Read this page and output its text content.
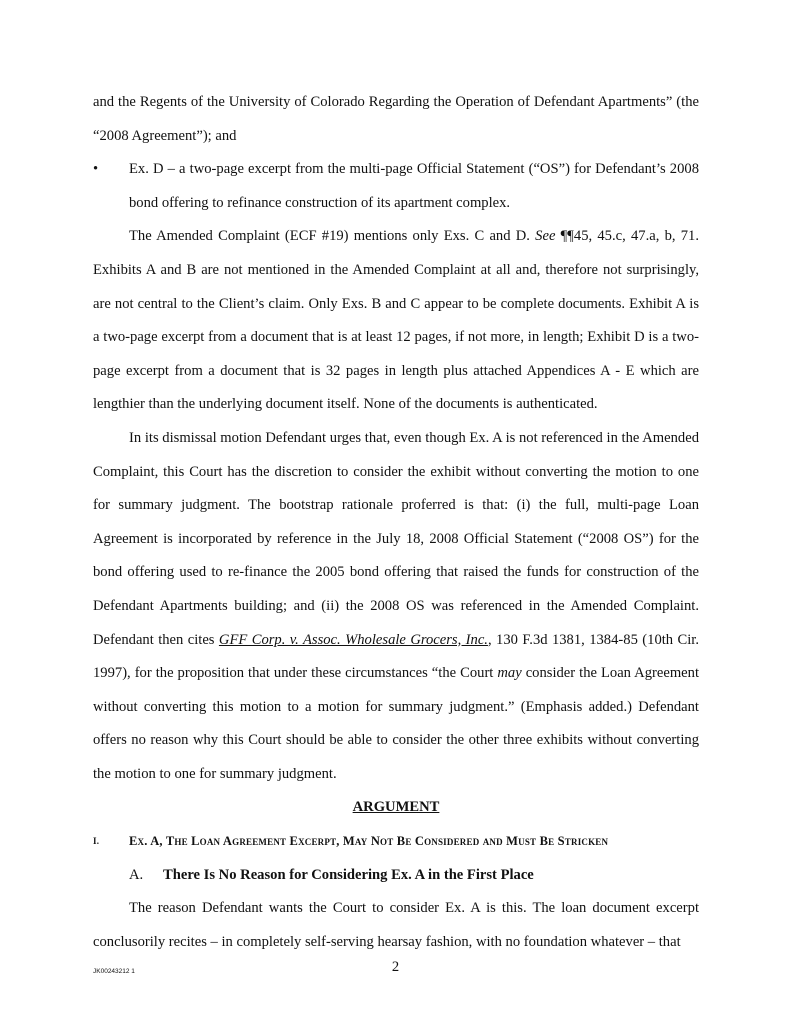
and the Regents of the University of Colorado Regarding the Operation of Defendant Apartments” (the “2008 Agreement”); and

•	Ex. D – a two-page excerpt from the multi-page Official Statement (“OS”) for Defendant’s 2008 bond offering to refinance construction of its apartment complex.

The Amended Complaint (ECF #19) mentions only Exs. C and D. See ¶¶45, 45.c, 47.a, b, 71. Exhibits A and B are not mentioned in the Amended Complaint at all and, therefore not surprisingly, are not central to the Client’s claim. Only Exs. B and C appear to be complete documents. Exhibit A is a two-page excerpt from a document that is at least 12 pages, if not more, in length; Exhibit D is a two-page excerpt from a document that is 32 pages in length plus attached Appendices A - E which are lengthier than the underlying document itself. None of the documents is authenticated.

In its dismissal motion Defendant urges that, even though Ex. A is not referenced in the Amended Complaint, this Court has the discretion to consider the exhibit without converting the motion to one for summary judgment. The bootstrap rationale proferred is that: (i) the full, multi-page Loan Agreement is incorporated by reference in the July 18, 2008 Official Statement (“2008 OS”) for the bond offering used to re-finance the 2005 bond offering that raised the funds for construction of the Defendant Apartments building; and (ii) the 2008 OS was referenced in the Amended Complaint. Defendant then cites GFF Corp. v. Assoc. Wholesale Grocers, Inc., 130 F.3d 1381, 1384-85 (10th Cir. 1997), for the proposition that under these circumstances “the Court may consider the Loan Agreement without converting this motion to a motion for summary judgment.” (Emphasis added.) Defendant offers no reason why this Court should be able to consider the other three exhibits without converting the motion to one for summary judgment.

ARGUMENT

I.	Ex. A, The Loan Agreement Excerpt, May Not Be Considered and Must Be Stricken

A. There Is No Reason for Considering Ex. A in the First Place

The reason Defendant wants the Court to consider Ex. A is this. The loan document excerpt conclusorily recites – in completely self-serving hearsay fashion, with no foundation whatever – that

2
JK00243212 1
